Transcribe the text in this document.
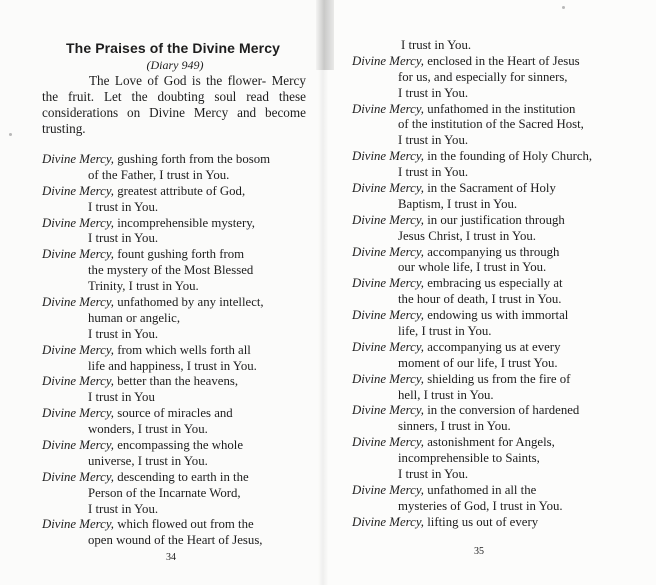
The Praises of the Divine Mercy
(Diary 949)

The Love of God is the flower- Mercy the fruit. Let the doubting soul read these considerations on Divine Mercy and become trusting.

Divine Mercy, gushing forth from the bosom
of the Father, I trust in You.
Divine Mercy, greatest attribute of God,
I trust in You.
Divine Mercy, incomprehensible mystery,
I trust in You.
Divine Mercy, fount gushing forth from
the mystery of the Most Blessed
Trinity, I trust in You.
Divine Mercy, unfathomed by any intellect,
human or angelic,
I trust in You.
Divine Mercy, from which wells forth all
life and happiness, I trust in You.
Divine Mercy, better than the heavens,
I trust in You
Divine Mercy, source of miracles and
wonders, I trust in You.
Divine Mercy, encompassing the whole
universe, I trust in You.
Divine Mercy, descending to earth in the
Person of the Incarnate Word,
I trust in You.
Divine Mercy, which flowed out from the
open wound of the Heart of Jesus,
34
35
I trust in You.
Divine Mercy, enclosed in the Heart of Jesus
for us, and especially for sinners,
I trust in You.
Divine Mercy, unfathomed in the institution
of the institution of the Sacred Host,
I trust in You.
Divine Mercy, in the founding of Holy Church,
I trust in You.
Divine Mercy, in the Sacrament of Holy
Baptism, I trust in You.
Divine Mercy, in our justification through
Jesus Christ, I trust in You.
Divine Mercy, accompanying us through
our whole life, I trust in You.
Divine Mercy, embracing us especially at
the hour of death, I trust in You.
Divine Mercy, endowing us with immortal
life, I trust in You.
Divine Mercy, accompanying us at every
moment of our life, I trust You.
Divine Mercy, shielding us from the fire of
hell, I trust in You.
Divine Mercy, in the conversion of hardened
sinners, I trust in You.
Divine Mercy, astonishment for Angels,
incomprehensible to Saints,
I trust in You.
Divine Mercy, unfathomed in all the
mysteries of God, I trust in You.
Divine Mercy, lifting us out of every
